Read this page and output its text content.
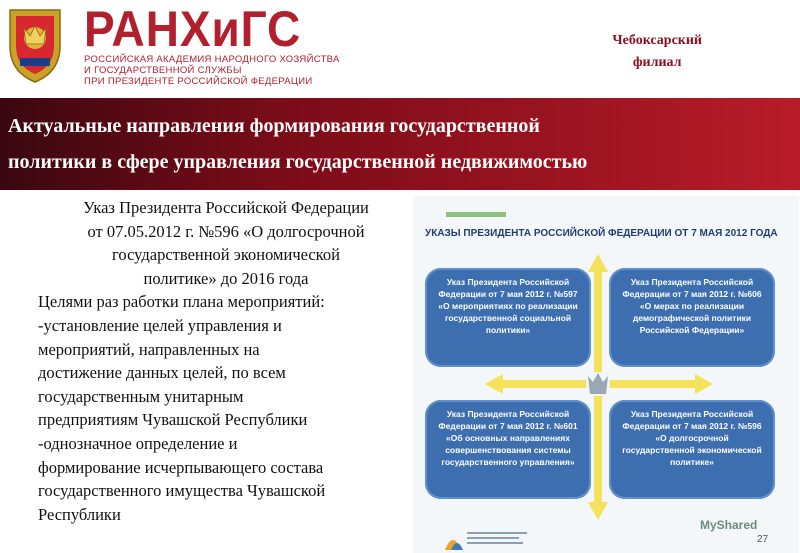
РАНХиГС
РОССИЙСКАЯ АКАДЕМИЯ НАРОДНОГО ХОЗЯЙСТВА
И ГОСУДАРСТВЕННОЙ СЛУЖБЫ
ПРИ ПРЕЗИДЕНТЕ РОССИЙСКОЙ ФЕДЕРАЦИИ
Чебоксарский
филиал
Актуальные направления формирования государственной
политики в сфере управления государственной недвижимостью
Указ Президента Российской Федерации
от 07.05.2012 г. №596 «О долгосрочной
государственной экономической
политике» до 2016 года
Целями раз работки плана мероприятий:
-установление целей управления и
мероприятий, направленных на
достижение данных целей, по всем
государственным унитарным
предприятиям Чувашской Республики
-однозначное определение и
формирование исчерпывающего состава
государственного имущества Чувашской
Республики
УКАЗЫ ПРЕЗИДЕНТА РОССИЙСКОЙ ФЕДЕРАЦИИ ОТ 7 МАЯ 2012 ГОДА
Указ Президента Российской
Федерации от 7 мая 2012 г. №597
«О мероприятиях по реализации
государственной социальной
политики»
Указ Президента Российской
Федерации от 7 мая 2012 г. №606
«О мерах по реализации
демографической политики
Российской Федерации»
Указ Президента Российской
Федерации от 7 мая 2012 г. №601
«Об основных направлениях
совершенствования системы
государственного управления»
Указ Президента Российской
Федерации от 7 мая 2012 г. №596
«О долгосрочной
государственной экономической
политике»
MyShared
27
